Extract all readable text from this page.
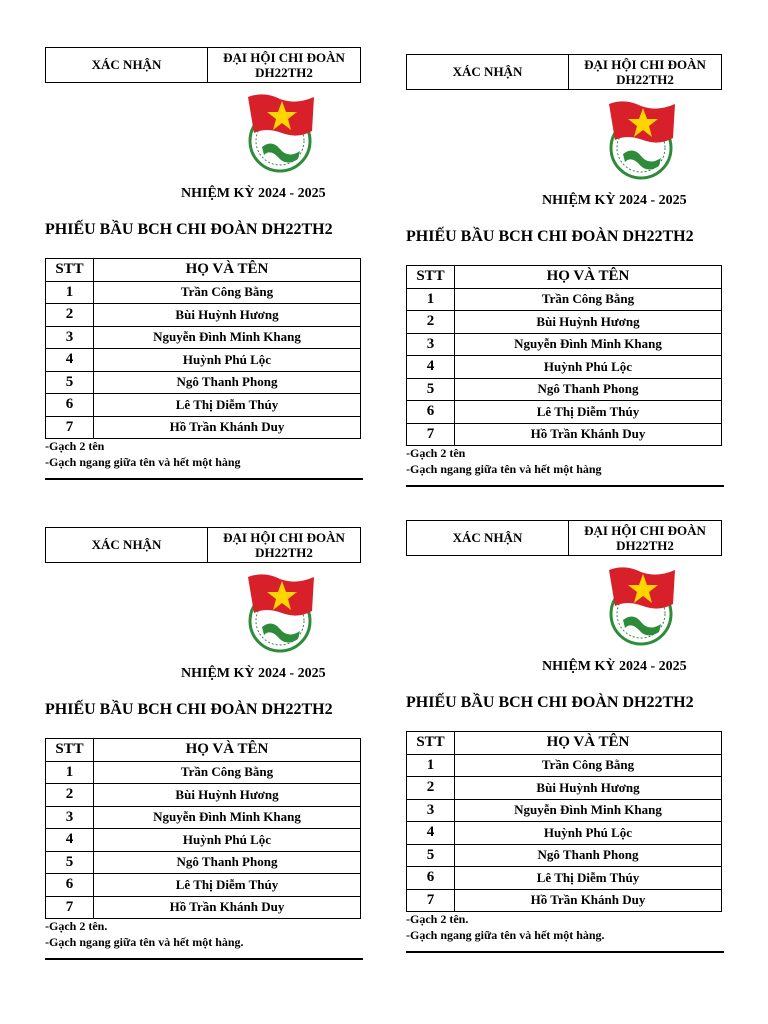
XÁC NHẬN	ĐẠI HỘI CHI ĐOÀN
DH22TH2
NHIỆM KỲ 2024 - 2025
PHIẾU BẦU BCH CHI ĐOÀN DH22TH2
STT	HỌ VÀ TÊN
1	Trần Công Bằng
2	Bùi Huỳnh Hương
3	Nguyễn Đình Minh Khang
4	Huỳnh Phú Lộc
5	Ngô Thanh Phong
6	Lê Thị Diễm Thúy
7	Hồ Trần Khánh Duy
-Gạch 2 tên
-Gạch ngang giữa tên và hết một hàng
XÁC NHẬN	ĐẠI HỘI CHI ĐOÀN
DH22TH2
NHIỆM KỲ 2024 - 2025
PHIẾU BẦU BCH CHI ĐOÀN DH22TH2
STT	HỌ VÀ TÊN
1	Trần Công Bằng
2	Bùi Huỳnh Hương
3	Nguyễn Đình Minh Khang
4	Huỳnh Phú Lộc
5	Ngô Thanh Phong
6	Lê Thị Diễm Thúy
7	Hồ Trần Khánh Duy
-Gạch 2 tên
-Gạch ngang giữa tên và hết một hàng
XÁC NHẬN	ĐẠI HỘI CHI ĐOÀN
DH22TH2
NHIỆM KỲ 2024 - 2025
PHIẾU BẦU BCH CHI ĐOÀN DH22TH2
STT	HỌ VÀ TÊN
1	Trần Công Bằng
2	Bùi Huỳnh Hương
3	Nguyễn Đình Minh Khang
4	Huỳnh Phú Lộc
5	Ngô Thanh Phong
6	Lê Thị Diễm Thúy
7	Hồ Trần Khánh Duy
-Gạch 2 tên.
-Gạch ngang giữa tên và hết một hàng.
XÁC NHẬN	ĐẠI HỘI CHI ĐOÀN
DH22TH2
NHIỆM KỲ 2024 - 2025
PHIẾU BẦU BCH CHI ĐOÀN DH22TH2
STT	HỌ VÀ TÊN
1	Trần Công Bằng
2	Bùi Huỳnh Hương
3	Nguyễn Đình Minh Khang
4	Huỳnh Phú Lộc
5	Ngô Thanh Phong
6	Lê Thị Diễm Thúy
7	Hồ Trần Khánh Duy
-Gạch 2 tên.
-Gạch ngang giữa tên và hết một hàng.
